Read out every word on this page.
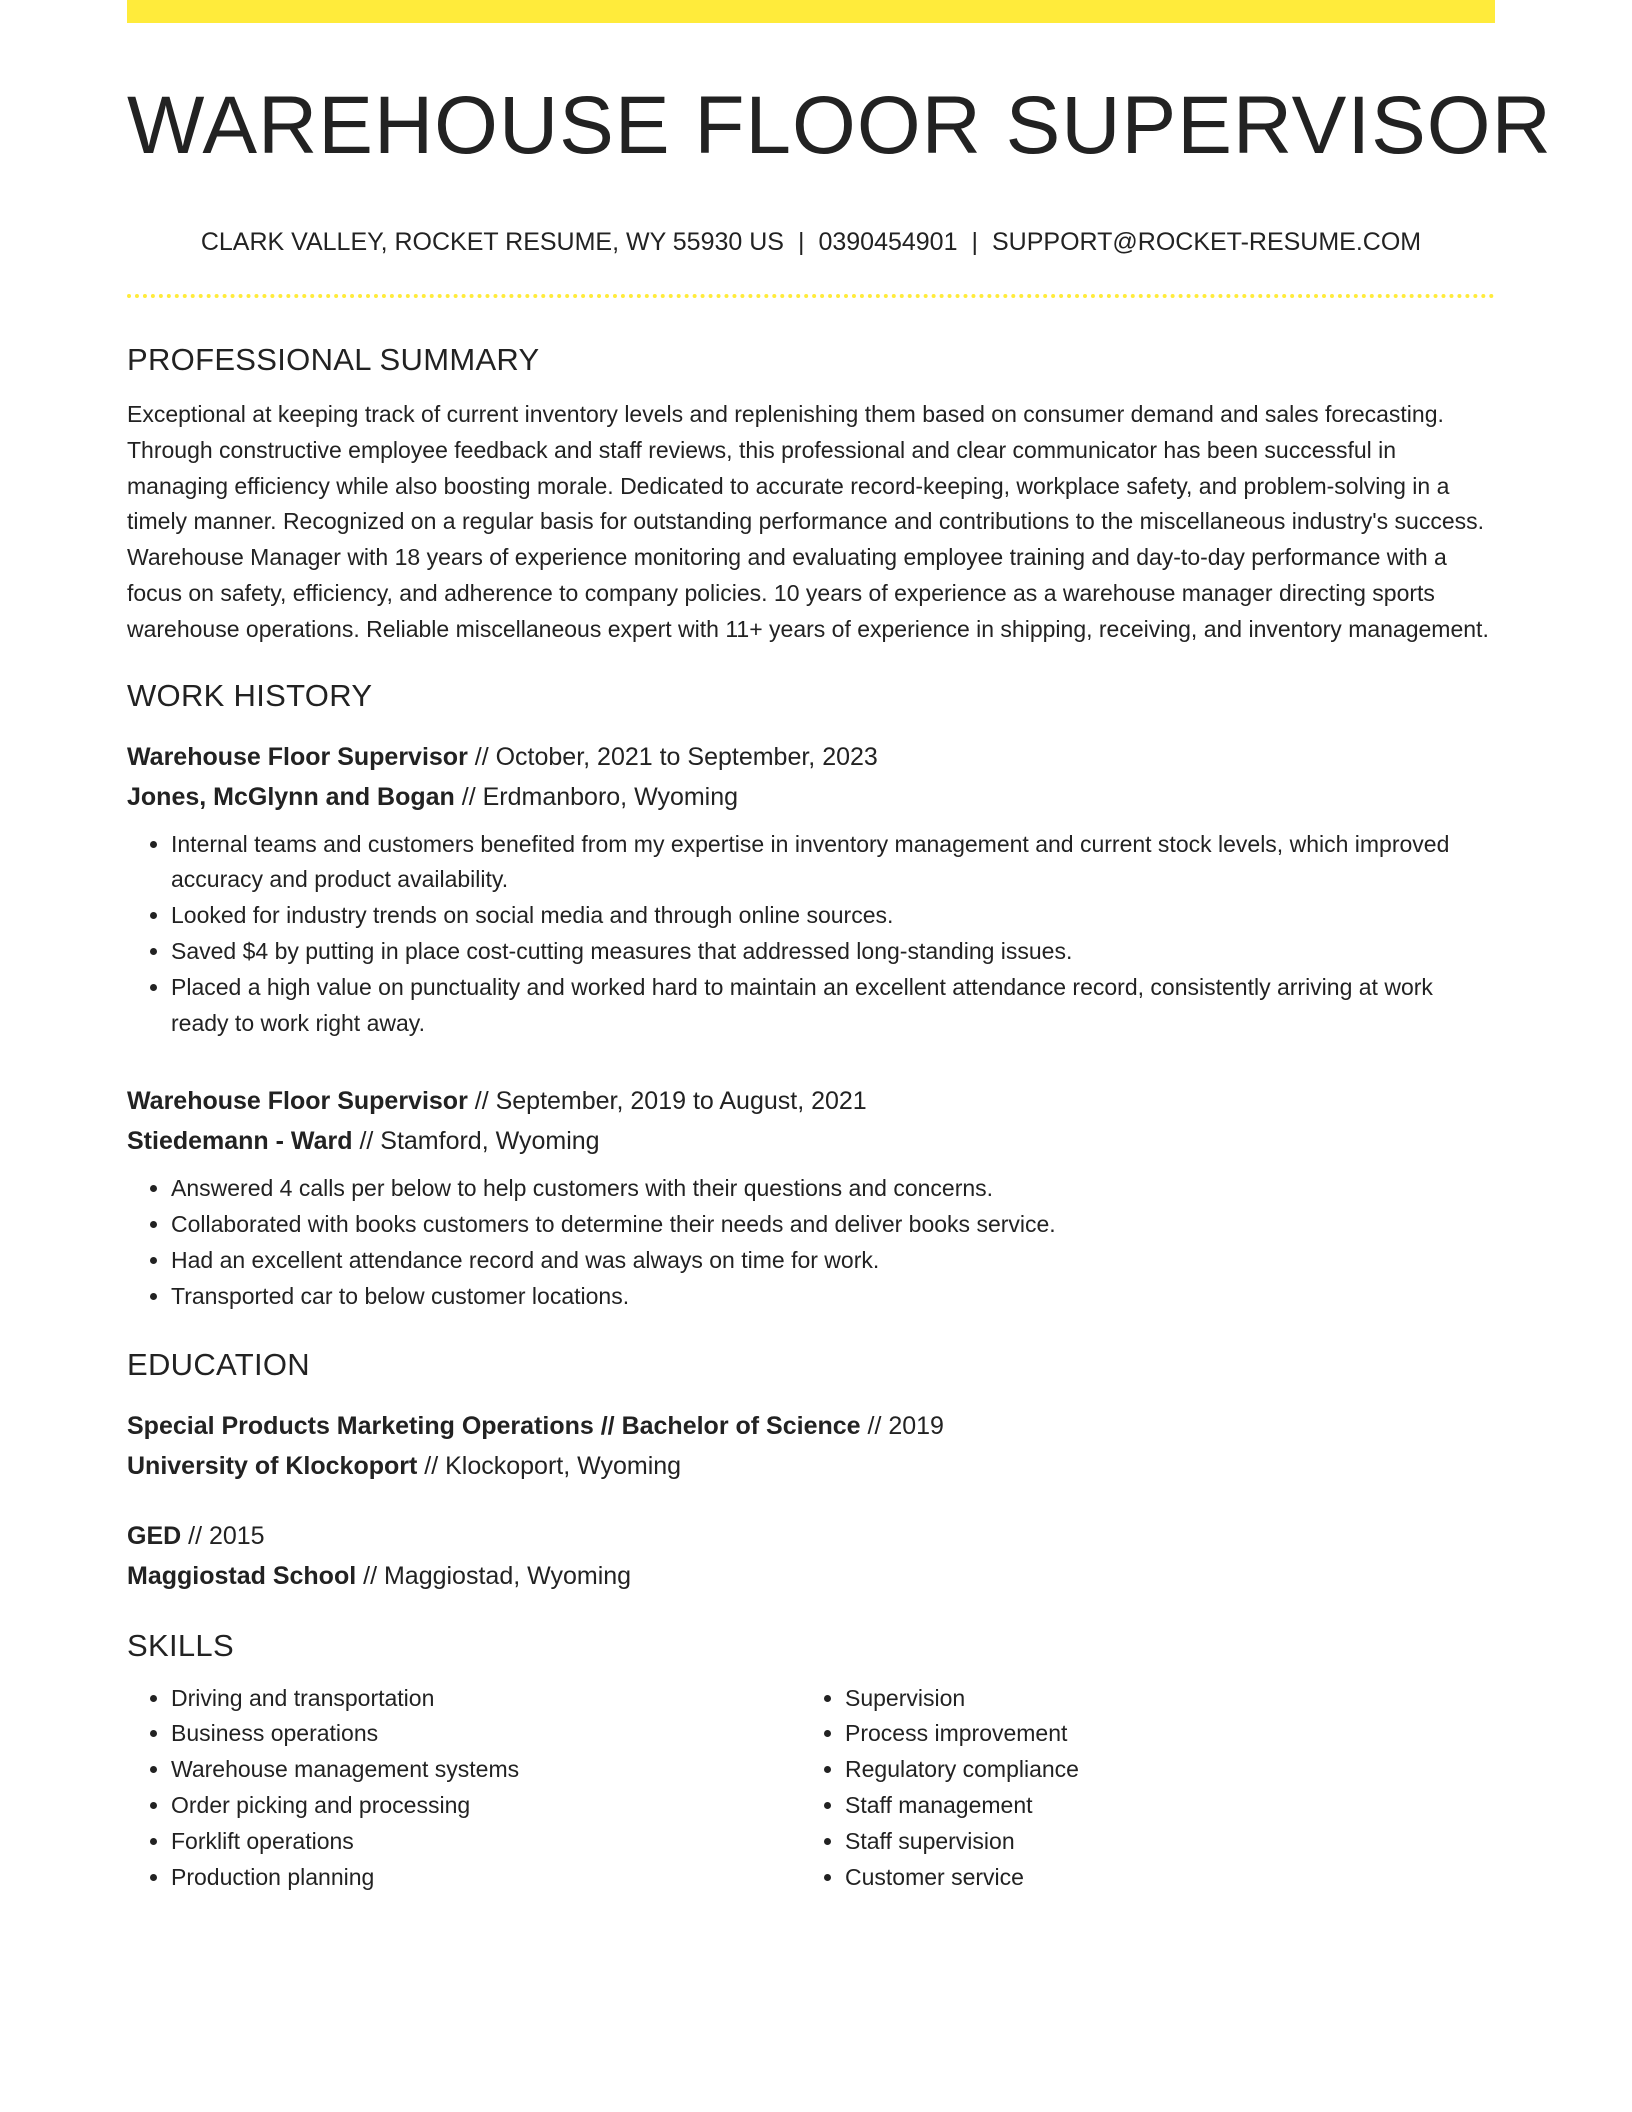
WAREHOUSE FLOOR SUPERVISOR
CLARK VALLEY, ROCKET RESUME, WY 55930 US | 0390454901 | SUPPORT@ROCKET-RESUME.COM
PROFESSIONAL SUMMARY
Exceptional at keeping track of current inventory levels and replenishing them based on consumer demand and sales forecasting. Through constructive employee feedback and staff reviews, this professional and clear communicator has been successful in managing efficiency while also boosting morale. Dedicated to accurate record-keeping, workplace safety, and problem-solving in a timely manner. Recognized on a regular basis for outstanding performance and contributions to the miscellaneous industry's success. Warehouse Manager with 18 years of experience monitoring and evaluating employee training and day-to-day performance with a focus on safety, efficiency, and adherence to company policies. 10 years of experience as a warehouse manager directing sports warehouse operations. Reliable miscellaneous expert with 11+ years of experience in shipping, receiving, and inventory management.
WORK HISTORY
Warehouse Floor Supervisor // October, 2021 to September, 2023
Jones, McGlynn and Bogan // Erdmanboro, Wyoming
• Internal teams and customers benefited from my expertise in inventory management and current stock levels, which improved accuracy and product availability.
• Looked for industry trends on social media and through online sources.
• Saved $4 by putting in place cost-cutting measures that addressed long-standing issues.
• Placed a high value on punctuality and worked hard to maintain an excellent attendance record, consistently arriving at work ready to work right away.
Warehouse Floor Supervisor // September, 2019 to August, 2021
Stiedemann - Ward // Stamford, Wyoming
• Answered 4 calls per below to help customers with their questions and concerns.
• Collaborated with books customers to determine their needs and deliver books service.
• Had an excellent attendance record and was always on time for work.
• Transported car to below customer locations.
EDUCATION
Special Products Marketing Operations // Bachelor of Science // 2019
University of Klockoport // Klockoport, Wyoming
GED // 2015
Maggiostad School // Maggiostad, Wyoming
SKILLS
• Driving and transportation
• Business operations
• Warehouse management systems
• Order picking and processing
• Forklift operations
• Production planning
• Supervision
• Process improvement
• Regulatory compliance
• Staff management
• Staff supervision
• Customer service
